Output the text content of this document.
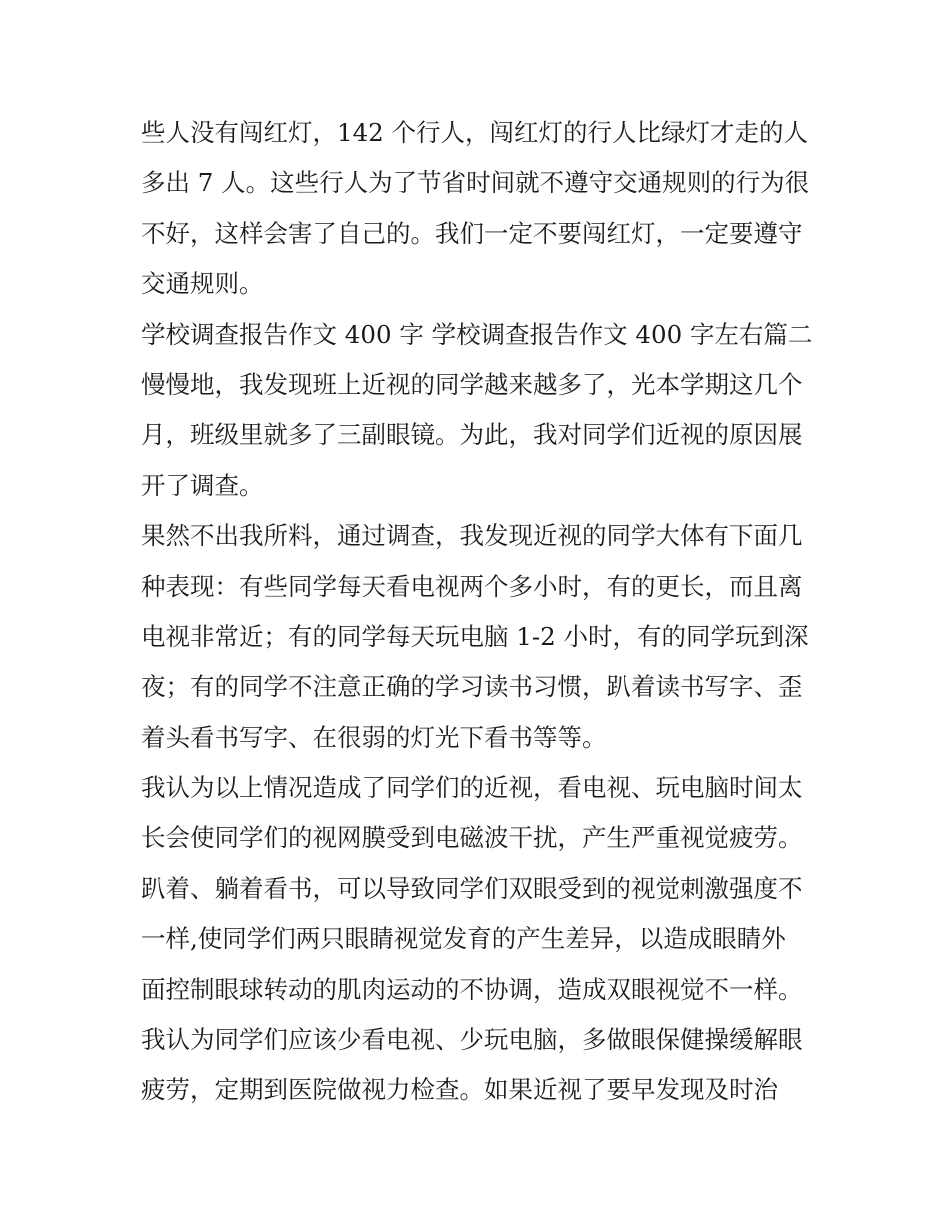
些人没有闯红灯，142 个行人，闯红灯的行人比绿灯才走的人
多出 7 人。这些行人为了节省时间就不遵守交通规则的行为很
不好，这样会害了自己的。我们一定不要闯红灯，一定要遵守
交通规则。
学校调查报告作文 400 字 学校调查报告作文 400 字左右篇二
慢慢地，我发现班上近视的同学越来越多了，光本学期这几个
月，班级里就多了三副眼镜。为此，我对同学们近视的原因展
开了调查。
果然不出我所料，通过调查，我发现近视的同学大体有下面几
种表现：有些同学每天看电视两个多小时，有的更长，而且离
电视非常近；有的同学每天玩电脑 1-2 小时，有的同学玩到深
夜；有的同学不注意正确的学习读书习惯，趴着读书写字、歪
着头看书写字、在很弱的灯光下看书等等。
我认为以上情况造成了同学们的近视，看电视、玩电脑时间太
长会使同学们的视网膜受到电磁波干扰，产生严重视觉疲劳。
趴着、躺着看书，可以导致同学们双眼受到的视觉刺激强度不
一样,使同学们两只眼睛视觉发育的产生差异，以造成眼睛外
面控制眼球转动的肌肉运动的不协调，造成双眼视觉不一样。
我认为同学们应该少看电视、少玩电脑，多做眼保健操缓解眼
疲劳，定期到医院做视力检查。如果近视了要早发现及时治
